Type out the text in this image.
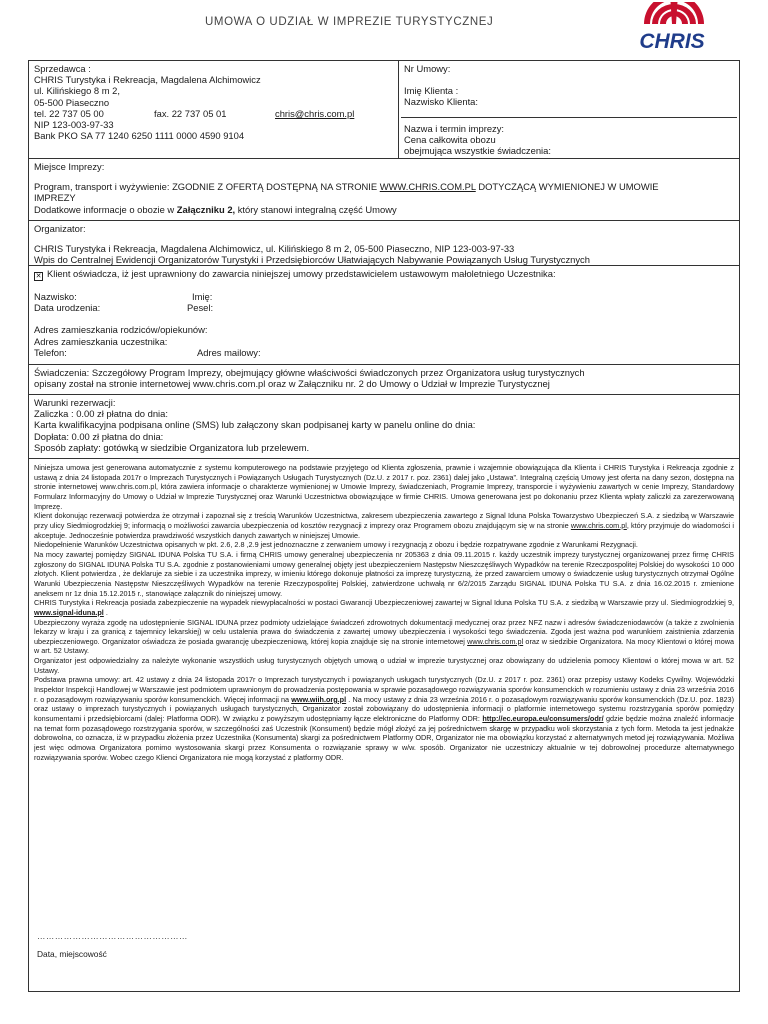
UMOWA O UDZIAŁ W IMPREZIE TURYSTYCZNEJ
CHRIS
Sprzedawca :
CHRIS Turystyka i Rekreacja, Magdalena Alchimowicz
ul. Kilińskiego 8 m 2,
05-500 Piaseczno
tel. 22 737 05 00	fax. 22 737 05 01	chris@chris.com.pl
NIP 123-003-97-33
Bank PKO SA 77 1240 6250 1111 0000 4590 9104
Nr Umowy:
Imię Klienta :
Nazwisko Klienta:
Nazwa i termin imprezy:
Cena całkowita obozu
obejmująca wszystkie świadczenia:
Miejsce Imprezy:
Program, transport i wyżywienie: ZGODNIE Z OFERTĄ DOSTĘPNĄ NA STRONIE WWW.CHRIS.COM.PL DOTYCZĄCĄ WYMIENIONEJ W UMOWIE
IMPREZY
Dodatkowe informacje o obozie w Załączniku 2, który stanowi integralną część Umowy
Organizator:
CHRIS Turystyka i Rekreacja, Magdalena Alchimowicz, ul. Kilińskiego 8 m 2, 05-500 Piaseczno, NIP 123-003-97-33
Wpis do Centralnej Ewidencji Organizatorów Turystyki i Przedsiębiorców Ułatwiających Nabywanie Powiązanych Usług Turystycznych
✕ Klient oświadcza, iż jest uprawniony do zawarcia niniejszej umowy przedstawicielem ustawowym małoletniego Uczestnika:
Nazwisko:	Imię:
Data urodzenia:	Pesel:
Adres zamieszkania rodziców/opiekunów:
Adres zamieszkania uczestnika:
Telefon:	Adres mailowy:
Świadczenia: Szczegółowy Program Imprezy, obejmujący główne właściwości świadczonych przez Organizatora usług turystycznych
opisany został na stronie internetowej www.chris.com.pl oraz w Załączniku nr. 2 do Umowy o Udział w Imprezie Turystycznej
Warunki rezerwacji:
Zaliczka : 0.00 zł płatna do dnia:
Karta kwalifikacyjna podpisana online (SMS) lub załączony skan podpisanej karty w panelu online do dnia:
Dopłata: 0.00 zł płatna do dnia:
Sposób zapłaty: gotówką w siedzibie Organizatora lub przelewem.

Niniejsza umowa jest generowana automatycznie z systemu komputerowego na podstawie przyjętego od Klienta zgłoszenia, prawnie i wzajemnie obowiązująca dla Klienta i CHRIS Turystyka i Rekreacja zgodnie z ustawą z dnia 24 listopada 2017r o Imprezach Turystycznych i Powiązanych Usługach Turystycznych (Dz.U. z 2017 r. poz. 2361) dalej jako „Ustawa”. Integralną częścią Umowy jest oferta na dany sezon, dostępna na stronie internetowej www.chris.com.pl, która zawiera informacje o charakterze wymienionej w Umowie Imprezy, świadczeniach, Programie Imprezy, transporcie i wyżywieniu zawartych w cenie Imprezy, Standardowy Formularz Informacyjny do Umowy o Udział w Imprezie Turystycznej oraz Warunki Uczestnictwa obowiązujące w firmie CHRIS. Umowa generowana jest po dokonaniu przez Klienta wpłaty zaliczki za zarezerwowaną Imprezę.

Klient dokonując rezerwacji potwierdza że otrzymał i zapoznał się z treścią Warunków Uczestnictwa, zakresem ubezpieczenia zawartego z Signal Iduna Polska Towarzystwo Ubezpieczeń S.A. z siedzibą w Warszawie przy ulicy Siedmiogrodzkiej 9; informacją o możliwości zawarcia ubezpieczenia od kosztów rezygnacji z imprezy oraz Programem obozu znajdującym się w na stronie www.chris.com.pl, który przyjmuje do wiadomości i akceptuje. Jednocześnie potwierdza prawdziwość wszystkich danych zawartych w niniejszej Umowie.

Niedopełnienie Warunków Uczestnictwa opisanych w pkt. 2.6, 2.8 ,2.9 jest jednoznaczne z zerwaniem umowy i rezygnacją z obozu i będzie rozpatrywane zgodnie z Warunkami Rezygnacji.

Na mocy zawartej pomiędzy SIGNAL IDUNA Polska TU S.A. i firmą CHRIS umowy generalnej ubezpieczenia nr 205363 z dnia 09.11.2015 r. każdy uczestnik imprezy turystycznej organizowanej przez firmę CHRIS zgłoszony do SIGNAL IDUNA Polska TU S.A. zgodnie z postanowieniami umowy generalnej objęty jest ubezpieczeniem Następstw Nieszczęśliwych Wypadków na terenie Rzeczpospolitej Polskiej do wysokości 10 000 złotych. Klient potwierdza , że deklaruje za siebie i za uczestnika imprezy, w imieniu którego dokonuje płatności za imprezę turystyczną, że przed zawarciem umowy o świadczenie usług turystycznych otrzymał Ogólne Warunki Ubezpieczenia Następstw Nieszczęśliwych Wypadków na terenie Rzeczypospolitej Polskiej, zatwierdzone uchwałą nr 6/2/2015 Zarządu SIGNAL IDUNA Polska TU S.A. z dnia 16.02.2015 r. zmienione aneksem nr 1z dnia 15.12.2015 r., stanowiące załącznik do niniejszej umowy.

CHRIS Turystyka i Rekreacja posiada zabezpieczenie na wypadek niewypłacalności w postaci Gwarancji Ubezpieczeniowej zawartej w Signal Iduna Polska TU S.A. z siedzibą w Warszawie przy ul. Siedmiogrodzkiej 9, www.signal-iduna.pl .

Ubezpieczony wyraża zgodę na udostępnienie SIGNAL IDUNA przez podmioty udzielające świadczeń zdrowotnych dokumentacji medycznej oraz przez NFZ nazw i adresów świadczeniodawców (a także z zwolnienia lekarzy w kraju i za granicą z tajemnicy lekarskiej) w celu ustalenia prawa do świadczenia z zawartej umowy ubezpieczenia i wysokości tego świadczenia. Zgoda jest ważna pod warunkiem zaistnienia zdarzenia ubezpieczeniowego. Organizator oświadcza że posiada gwarancję ubezpieczeniową, której kopia znajduje się na stronie internetowej www.chris.com.pl oraz w siedzibie Organizatora. Na mocy Klientowi o której mowa w art. 52 Ustawy.

Organizator jest odpowiedzialny za należyte wykonanie wszystkich usług turystycznych objętych umową o udział w imprezie turystycznej oraz obowiązany do udzielenia pomocy Klientowi o której mowa w art. 52 Ustawy.

Podstawa prawna umowy: art. 42 ustawy z dnia 24 listopada 2017r o Imprezach turystycznych i powiązanych usługach turystycznych (Dz.U. z 2017 r. poz. 2361) oraz przepisy ustawy Kodeks Cywilny. Wojewódzki Inspektor Inspekcji Handlowej w Warszawie jest podmiotem uprawnionym do prowadzenia postępowania w sprawie pozasądowego rozwiązywania sporów konsumenckich w rozumieniu ustawy z dnia 23 września 2016 r. o pozasądowym rozwiązywaniu sporów konsumenckich. Więcej informacji na www.wiih.org.pl . Na mocy ustawy z dnia 23 września 2016 r. o pozasądowym rozwiązywaniu sporów konsumenckich (Dz.U. poz. 1823) oraz ustawy o imprezach turystycznych i powiązanych usługach turystycznych, Organizator został zobowiązany do udostępnienia informacji o platformie internetowego systemu rozstrzygania sporów pomiędzy konsumentami i przedsiębiorcami (dalej: Platforma ODR). W związku z powyższym udostępniamy łącze elektroniczne do Platformy ODR: http://ec.europa.eu/consumers/odr/ gdzie będzie można znaleźć informacje na temat form pozasądowego rozstrzygania sporów, w szczególności zaś Uczestnik (Konsument) będzie mógł złożyć za jej pośrednictwem skargę w przypadku woli skorzystania z tych form. Metoda ta jest jednakże dobrowolna, co oznacza, iż w przypadku złożenia przez Uczestnika (Konsumenta) skargi za pośrednictwem Platformy ODR, Organizator nie ma obowiązku korzystać z alternatywnych metod jej rozwiązywania. Możliwa jest więc odmowa Organizatora pomimo wystosowania skargi przez Konsumenta o rozwiązanie sprawy w w/w. sposób. Organizator nie uczestniczy aktualnie w tej dobrowolnej procedurze alternatywnego rozwiązywania sporów. Wobec czego Klienci Organizatora nie mogą korzystać z platformy ODR.

……………………………………………
Data, miejscowość
